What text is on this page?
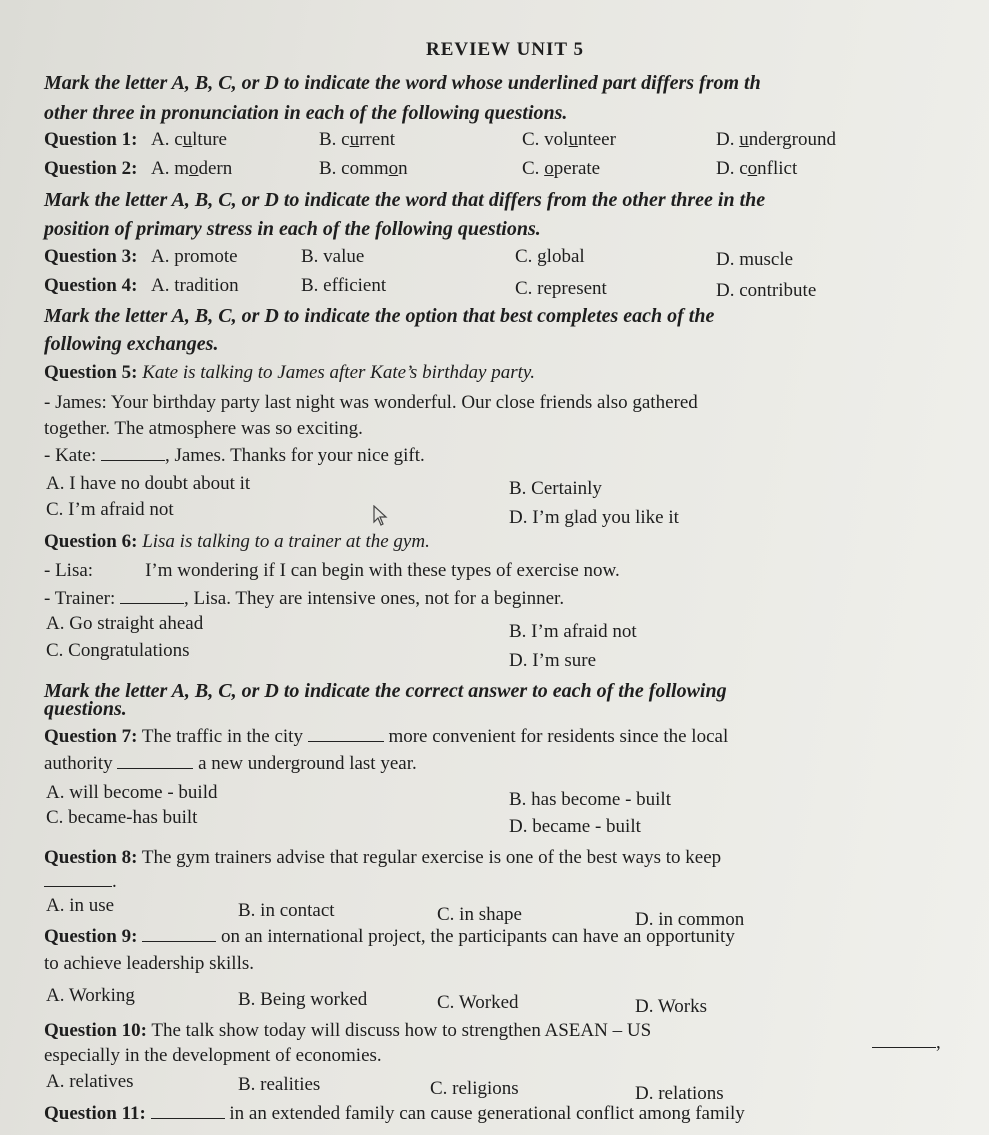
REVIEW UNIT 5
Mark the letter A, B, C, or D to indicate the word whose underlined part differs from th
other three in pronunciation in each of the following questions.
Question 1: A. culture	B. current	C. volunteer	D. underground
Question 2: A. modern	B. common	C. operate	D. conflict
Mark the letter A, B, C, or D to indicate the word that differs from the other three in the
position of primary stress in each of the following questions.
Question 3: A. promote	B. value	C. global	D. muscle
Question 4: A. tradition	B. efficient	C. represent	D. contribute
Mark the letter A, B, C, or D to indicate the option that best completes each of the
following exchanges.
Question 5: Kate is talking to James after Kate’s birthday party.
- James: Your birthday party last night was wonderful. Our close friends also gathered
together. The atmosphere was so exciting.
- Kate:	, James. Thanks for your nice gift.
A. I have no doubt about it	B. Certainly
C. I’m afraid not	D. I’m glad you like it
Question 6: Lisa is talking to a trainer at the gym.
- Lisa:	I’m wondering if I can begin with these types of exercise now.
- Trainer:	, Lisa. They are intensive ones, not for a beginner.
A. Go straight ahead	B. I’m afraid not
C. Congratulations	D. I’m sure
Mark the letter A, B, C, or D to indicate the correct answer to each of the following
questions.
Question 7: The traffic in the city	more convenient for residents since the local
authority	a new underground last year.
A. will become - build	B. has become - built
C. became-has built	D. became - built
Question 8: The gym trainers advise that regular exercise is one of the best ways to keep
.
A. in use	B. in contact	C. in shape	D. in common
Question 9:	on an international project, the participants can have an opportunity
to achieve leadership skills.
A. Working	B. Being worked	C. Worked	D. Works
Question 10: The talk show today will discuss how to strengthen ASEAN – US
,
especially in the development of economies.
A. relatives	B. realities	C. religions	D. relations
Question 11:	in an extended family can cause generational conflict among family
